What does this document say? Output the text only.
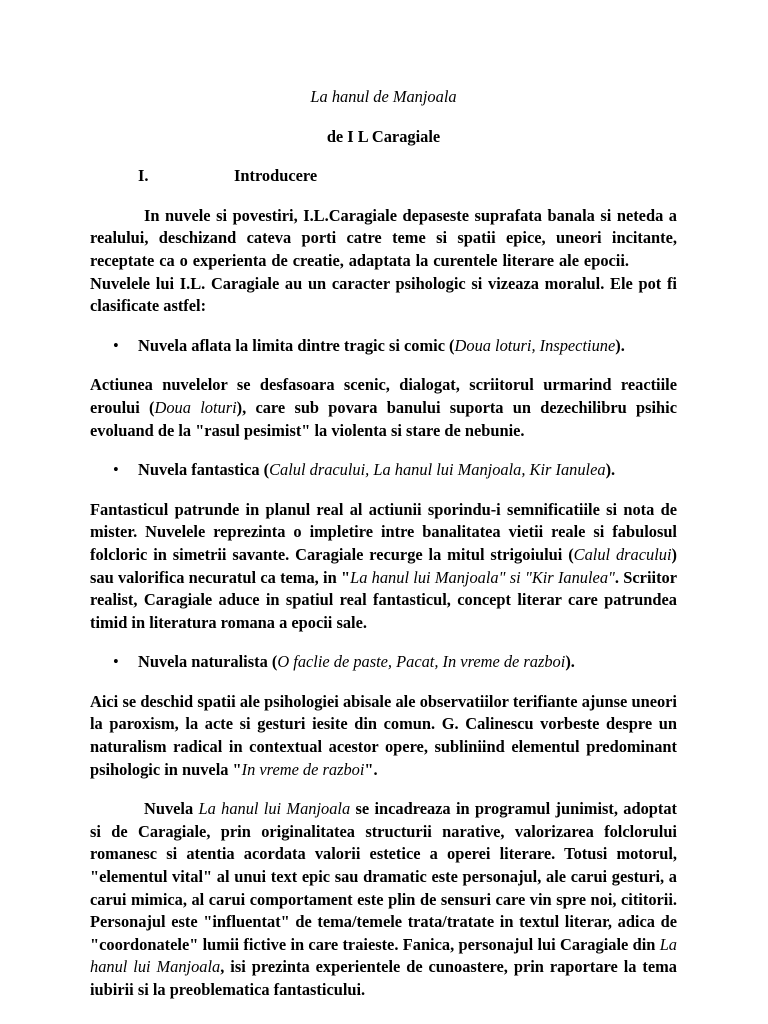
La hanul de Manjoala
de I L Caragiale
I.	Introducere

In nuvele si povestiri, I.L.Caragiale depaseste suprafata banala si neteda a realului, deschizand cateva porti catre teme si spatii epice, uneori incitante, receptate ca o experienta de creatie, adaptata la curentele literare ale epocii.Nuvelele lui I.L. Caragiale au un caracter psihologic si vizeaza moralul. Ele pot fi clasificate astfel:

• Nuvela aflata la limita dintre tragic si comic (Doua loturi, Inspectiune).

Actiunea nuvelelor se desfasoara scenic, dialogat, scriitorul urmarind reactiile eroului (Doua loturi), care sub povara banului suporta un dezechilibru psihic evoluand de la "rasul pesimist" la violenta si stare de nebunie.

• Nuvela fantastica (Calul dracului, La hanul lui Manjoala, Kir Ianulea).

Fantasticul patrunde in planul real al actiunii sporindu-i semnificatiile si nota de mister. Nuvelele reprezinta o impletire intre banalitatea vietii reale si fabulosul folcloric in simetrii savante. Caragiale recurge la mitul strigoiului (Calul dracului) sau valorifica necuratul ca tema, in "La hanul lui Manjoala" si "Kir Ianulea". Scriitor realist, Caragiale aduce in spatiul real fantasticul, concept literar care patrundea timid in literatura romana a epocii sale.

• Nuvela naturalista (O faclie de paste, Pacat, In vreme de razboi).

Aici se deschid spatii ale psihologiei abisale ale observatiilor terifiante ajunse uneori la paroxism, la acte si gesturi iesite din comun. G. Calinescu vorbeste despre un naturalism radical in contextual acestor opere, subliniind elementul predominant psihologic in nuvela "In vreme de razboi".

Nuvela La hanul lui Manjoala se incadreaza in programul junimist, adoptat si de Caragiale, prin originalitatea structurii narative, valorizarea folclorului romanesc si atentia acordata valorii estetice a operei literare. Totusi motorul, "elementul vital" al unui text epic sau dramatic este personajul, ale carui gesturi, a carui mimica, al carui comportament este plin de sensuri care vin spre noi, cititorii. Personajul este "influentat" de tema/temele trata/tratate in textul literar, adica de "coordonatele" lumii fictive in care traieste. Fanica, personajul lui Caragiale din La hanul lui Manjoala, isi prezinta experientele de cunoastere, prin raportare la tema iubirii si la preoblematica fantasticului.
